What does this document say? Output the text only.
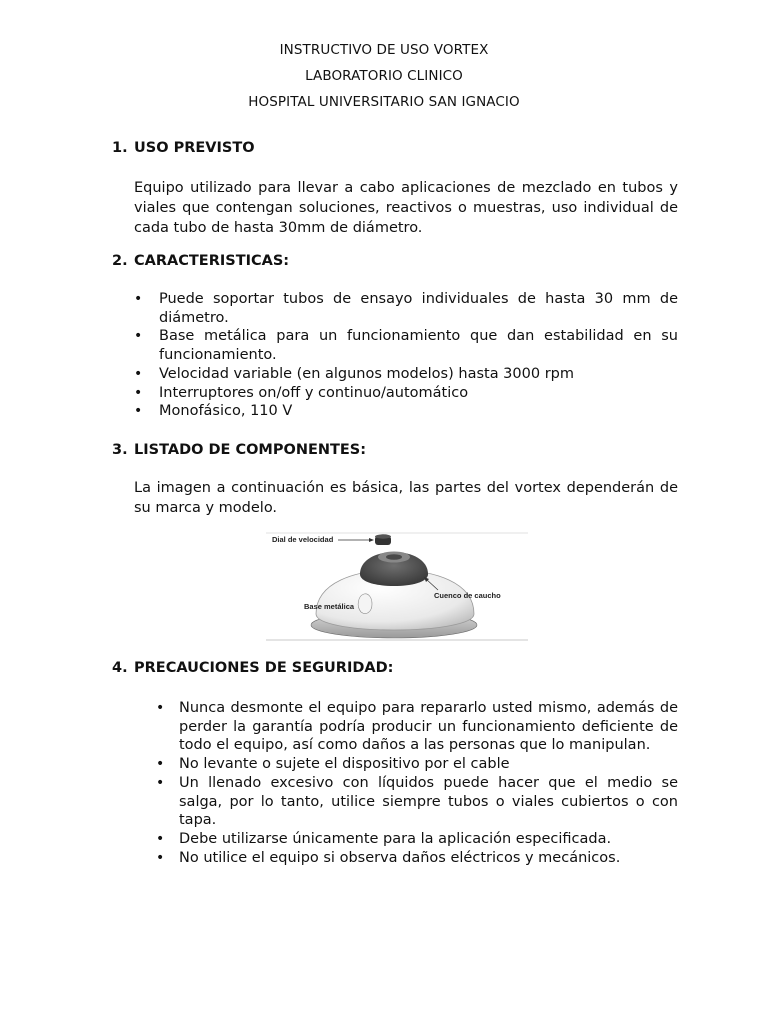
INSTRUCTIVO DE USO VORTEX
LABORATORIO CLINICO
HOSPITAL UNIVERSITARIO SAN IGNACIO
1. USO PREVISTO
Equipo utilizado para llevar a cabo aplicaciones de mezclado en tubos y viales que contengan soluciones, reactivos o muestras, uso individual de cada tubo de hasta 30mm de diámetro.
2. CARACTERISTICAS:
• Puede soportar tubos de ensayo individuales de hasta 30 mm de diámetro.
• Base metálica para un funcionamiento que dan estabilidad en su funcionamiento.
• Velocidad variable (en algunos modelos) hasta 3000 rpm
• Interruptores on/off y continuo/automático
• Monofásico, 110 V
3. LISTADO DE COMPONENTES:
La imagen a continuación es básica, las partes del vortex dependerán de su marca y modelo.
Dial de velocidad
Cuenco de caucho
Base metálica
4. PRECAUCIONES DE SEGURIDAD:
• Nunca desmonte el equipo para repararlo usted mismo, además de perder la garantía podría producir un funcionamiento deficiente de todo el equipo, así como daños a las personas que lo manipulan.
• No levante o sujete el dispositivo por el cable
• Un llenado excesivo con líquidos puede hacer que el medio se salga, por lo tanto, utilice siempre tubos o viales cubiertos o con tapa.
• Debe utilizarse únicamente para la aplicación especificada.
• No utilice el equipo si observa daños eléctricos y mecánicos.
